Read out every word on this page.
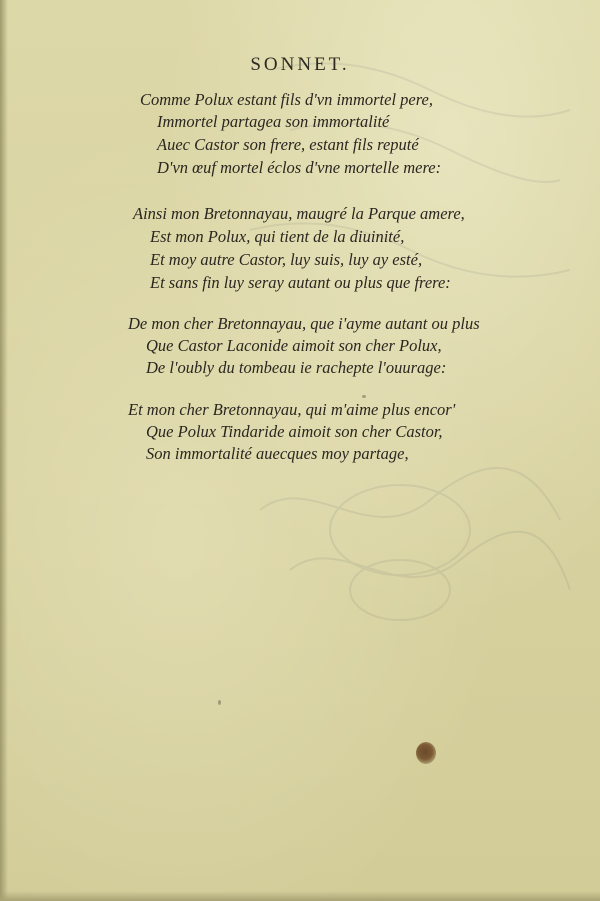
SONNET.
Comme Polux estant fils d'vn immortel pere,
Immortel partagea son immortalité
Auec Castor son frere, estant fils reputé
D'vn œuf mortel éclos d'vne mortelle mere:
Ainsi mon Bretonnayau, maugré la Parque amere,
Est mon Polux, qui tient de la diuinité,
Et moy autre Castor, luy suis, luy ay esté,
Et sans fin luy seray autant ou plus que frere:
De mon cher Bretonnayau, que i'ayme autant ou plus
Que Castor Laconide aimoit son cher Polux,
De l'oubly du tombeau ie rachepte l'ouurage:
Et mon cher Bretonnayau, qui m'aime plus encor'
Que Polux Tindaride aimoit son cher Castor,
Son immortalité auecques moy partage,
